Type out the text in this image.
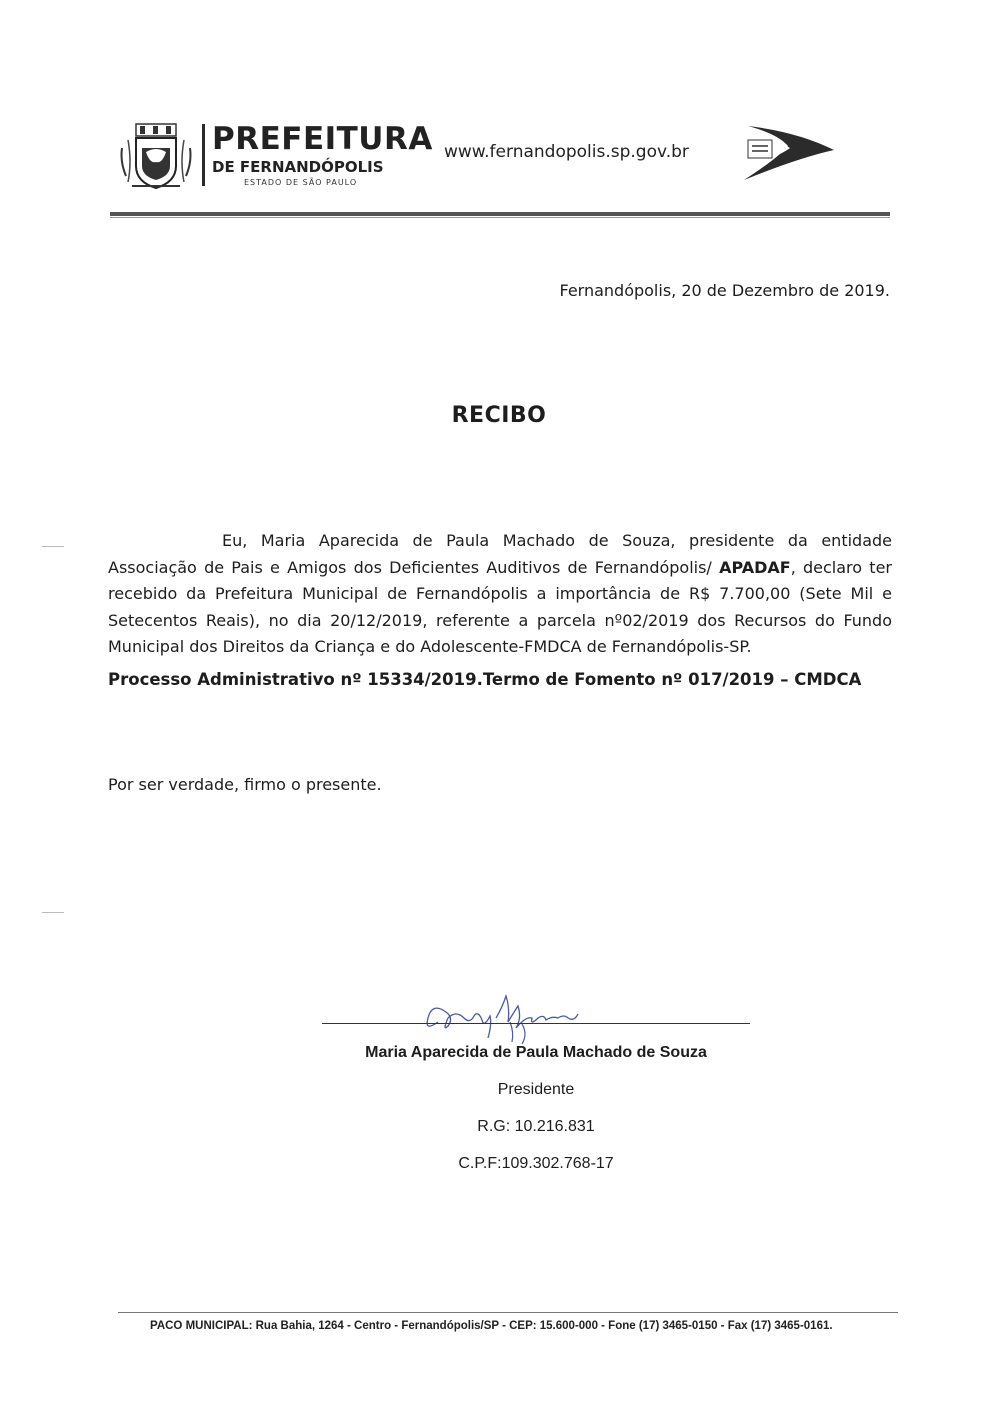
PREFEITURA
DE FERNANDÓPOLIS
ESTADO DE SÃO PAULO
www.fernandopolis.sp.gov.br
Fernandópolis, 20 de Dezembro de 2019.
RECIBO
Eu, Maria Aparecida de Paula Machado de Souza, presidente da entidade Associação de Pais e Amigos dos Deficientes Auditivos de Fernandópolis/ APADAF, declaro ter recebido da Prefeitura Municipal de Fernandópolis a importância de R$ 7.700,00 (Sete Mil e Setecentos Reais), no dia 20/12/2019, referente a parcela nº02/2019 dos Recursos do Fundo Municipal dos Direitos da Criança e do Adolescente-FMDCA de Fernandópolis-SP.
Processo Administrativo nº 15334/2019.Termo de Fomento nº 017/2019 – CMDCA
Por ser verdade, firmo o presente.
Maria Aparecida de Paula Machado de Souza
Presidente
R.G: 10.216.831
C.P.F:109.302.768-17
PACO MUNICIPAL: Rua Bahia, 1264 - Centro - Fernandópolis/SP - CEP: 15.600-000 - Fone (17) 3465-0150 - Fax (17) 3465-0161.
